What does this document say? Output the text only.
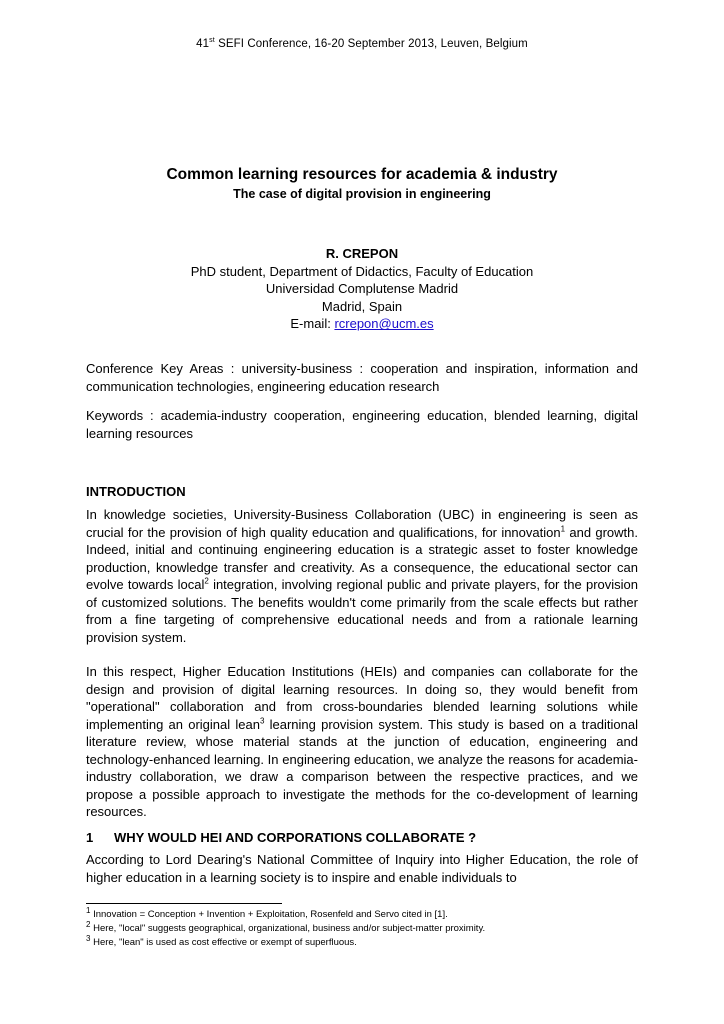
41st SEFI Conference, 16-20 September 2013, Leuven, Belgium
Common learning resources for academia & industry
The case of digital provision in engineering
R. CREPON
PhD student, Department of Didactics, Faculty of Education
Universidad Complutense Madrid
Madrid, Spain
E-mail: rcrepon@ucm.es

Conference Key Areas : university-business : cooperation and inspiration, information and communication technologies, engineering education research

Keywords : academia-industry cooperation, engineering education, blended learning, digital learning resources

INTRODUCTION

In knowledge societies, University-Business Collaboration (UBC) in engineering is seen as crucial for the provision of high quality education and qualifications, for innovation$^1$ and growth. Indeed, initial and continuing engineering education is a strategic asset to foster knowledge production, knowledge transfer and creativity. As a consequence, the educational sector can evolve towards local$^2$ integration, involving regional public and private players, for the provision of customized solutions. The benefits wouldn't come primarily from the scale effects but rather from a fine targeting of comprehensive educational needs and from a rationale learning provision system.

In this respect, Higher Education Institutions (HEIs) and companies can collaborate for the design and provision of digital learning resources. In doing so, they would benefit from "operational" collaboration and from cross-boundaries blended learning solutions while implementing an original lean$^3$ learning provision system. This study is based on a traditional literature review, whose material stands at the junction of education, engineering and technology-enhanced learning. In engineering education, we analyze the reasons for academia-industry collaboration, we draw a comparison between the respective practices, and we propose a possible approach to investigate the methods for the co-development of learning resources.

1 WHY WOULD HEI AND CORPORATIONS COLLABORATE ?

According to Lord Dearing's National Committee of Inquiry into Higher Education, the role of higher education in a learning society is to inspire and enable individuals to

$^1$ Innovation = Conception + Invention + Exploitation, Rosenfeld and Servo cited in [1].
$^2$ Here, "local" suggests geographical, organizational, business and/or subject-matter proximity.
$^3$ Here, "lean" is used as cost effective or exempt of superfluous.
